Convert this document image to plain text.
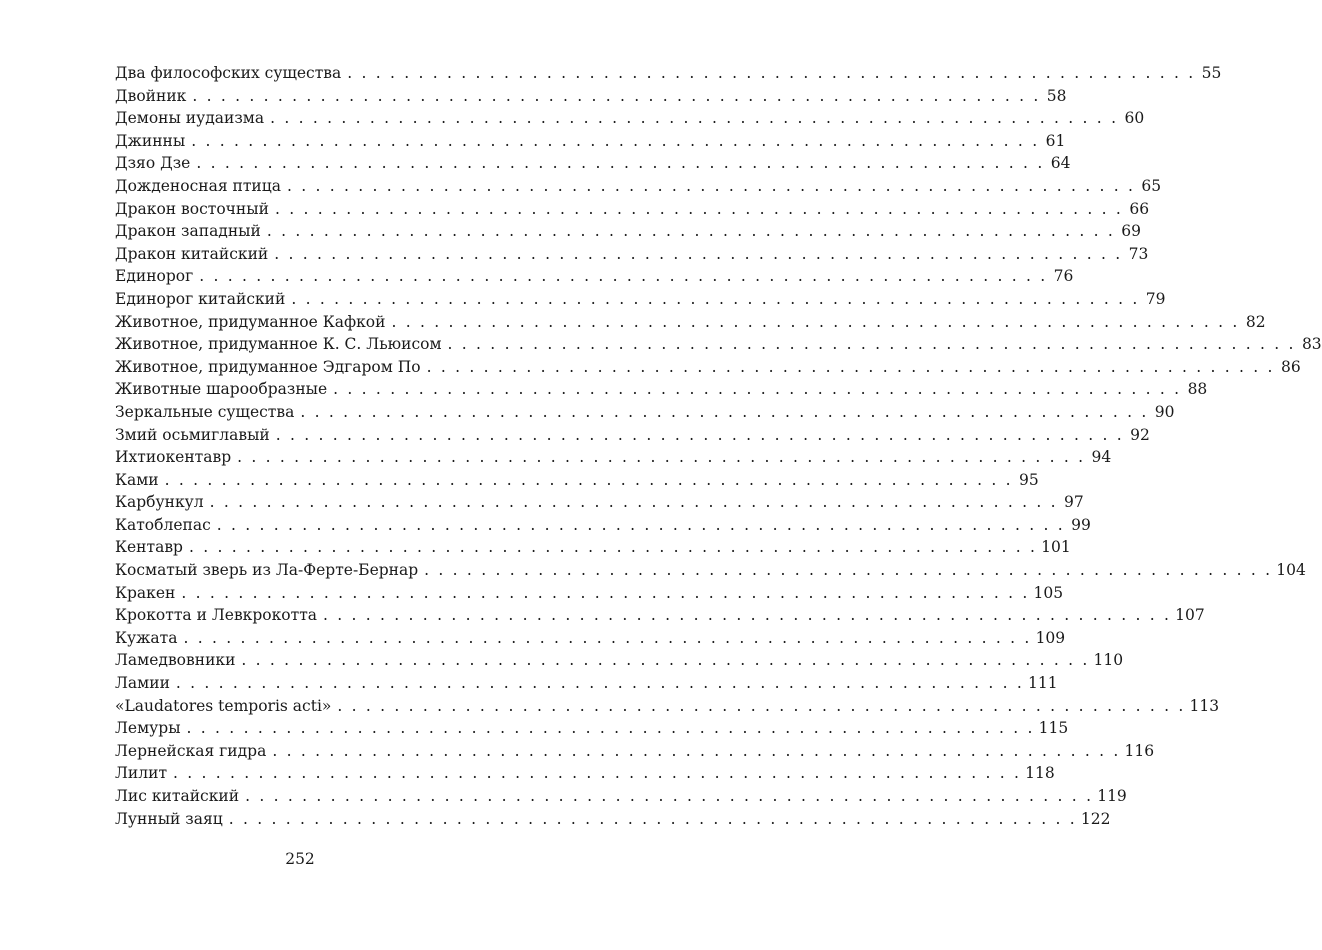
Два философских существа . . . . . . . . . . . . . . . . . . . . . . . . . . . . . . . . . . . . . . . . . . . . . . . . . . . . . . . . . . . . 55
Двойник . . . . . . . . . . . . . . . . . . . . . . . . . . . . . . . . . . . . . . . . . . . . . . . . . . . . . . . . . . . . 58
Демоны иудаизма . . . . . . . . . . . . . . . . . . . . . . . . . . . . . . . . . . . . . . . . . . . . . . . . . . . . . . . . . . . . 60
Джинны . . . . . . . . . . . . . . . . . . . . . . . . . . . . . . . . . . . . . . . . . . . . . . . . . . . . . . . . . . . . 61
Дзяо Дзе . . . . . . . . . . . . . . . . . . . . . . . . . . . . . . . . . . . . . . . . . . . . . . . . . . . . . . . . . . . . 64
Дожденосная птица . . . . . . . . . . . . . . . . . . . . . . . . . . . . . . . . . . . . . . . . . . . . . . . . . . . . . . . . . . . . 65
Дракон восточный . . . . . . . . . . . . . . . . . . . . . . . . . . . . . . . . . . . . . . . . . . . . . . . . . . . . . . . . . . . . 66
Дракон западный . . . . . . . . . . . . . . . . . . . . . . . . . . . . . . . . . . . . . . . . . . . . . . . . . . . . . . . . . . . . 69
Дракон китайский . . . . . . . . . . . . . . . . . . . . . . . . . . . . . . . . . . . . . . . . . . . . . . . . . . . . . . . . . . . . 73
Единорог . . . . . . . . . . . . . . . . . . . . . . . . . . . . . . . . . . . . . . . . . . . . . . . . . . . . . . . . . . . . 76
Единорог китайский . . . . . . . . . . . . . . . . . . . . . . . . . . . . . . . . . . . . . . . . . . . . . . . . . . . . . . . . . . . . 79
Животное, придуманное Кафкой . . . . . . . . . . . . . . . . . . . . . . . . . . . . . . . . . . . . . . . . . . . . . . . . . . . . . . . . . . . . 82
Животное, придуманное К. С. Льюисом . . . . . . . . . . . . . . . . . . . . . . . . . . . . . . . . . . . . . . . . . . . . . . . . . . . . . . . . . . . . 83
Животное, придуманное Эдгаром По . . . . . . . . . . . . . . . . . . . . . . . . . . . . . . . . . . . . . . . . . . . . . . . . . . . . . . . . . . . . 86
Животные шарообразные . . . . . . . . . . . . . . . . . . . . . . . . . . . . . . . . . . . . . . . . . . . . . . . . . . . . . . . . . . . . 88
Зеркальные существа . . . . . . . . . . . . . . . . . . . . . . . . . . . . . . . . . . . . . . . . . . . . . . . . . . . . . . . . . . . . 90
Змий осьмиглавый . . . . . . . . . . . . . . . . . . . . . . . . . . . . . . . . . . . . . . . . . . . . . . . . . . . . . . . . . . . . 92
Ихтиокентавр . . . . . . . . . . . . . . . . . . . . . . . . . . . . . . . . . . . . . . . . . . . . . . . . . . . . . . . . . . . . 94
Ками . . . . . . . . . . . . . . . . . . . . . . . . . . . . . . . . . . . . . . . . . . . . . . . . . . . . . . . . . . . . 95
Карбункул . . . . . . . . . . . . . . . . . . . . . . . . . . . . . . . . . . . . . . . . . . . . . . . . . . . . . . . . . . . . 97
Катоблепас . . . . . . . . . . . . . . . . . . . . . . . . . . . . . . . . . . . . . . . . . . . . . . . . . . . . . . . . . . . . 99
Кентавр . . . . . . . . . . . . . . . . . . . . . . . . . . . . . . . . . . . . . . . . . . . . . . . . . . . . . . . . . . . . 101
Косматый зверь из Ла-Ферте-Бернар . . . . . . . . . . . . . . . . . . . . . . . . . . . . . . . . . . . . . . . . . . . . . . . . . . . . . . . . . . . . 104
Кракен . . . . . . . . . . . . . . . . . . . . . . . . . . . . . . . . . . . . . . . . . . . . . . . . . . . . . . . . . . . . 105
Крокотта и Левкрокотта . . . . . . . . . . . . . . . . . . . . . . . . . . . . . . . . . . . . . . . . . . . . . . . . . . . . . . . . . . . . 107
Кужата . . . . . . . . . . . . . . . . . . . . . . . . . . . . . . . . . . . . . . . . . . . . . . . . . . . . . . . . . . . . 109
Ламедвовники . . . . . . . . . . . . . . . . . . . . . . . . . . . . . . . . . . . . . . . . . . . . . . . . . . . . . . . . . . . . 110
Ламии . . . . . . . . . . . . . . . . . . . . . . . . . . . . . . . . . . . . . . . . . . . . . . . . . . . . . . . . . . . . 111
«Laudatores temporis acti» . . . . . . . . . . . . . . . . . . . . . . . . . . . . . . . . . . . . . . . . . . . . . . . . . . . . . . . . . . . . 113
Лемуры . . . . . . . . . . . . . . . . . . . . . . . . . . . . . . . . . . . . . . . . . . . . . . . . . . . . . . . . . . . . 115
Лернейская гидра . . . . . . . . . . . . . . . . . . . . . . . . . . . . . . . . . . . . . . . . . . . . . . . . . . . . . . . . . . . . 116
Лилит . . . . . . . . . . . . . . . . . . . . . . . . . . . . . . . . . . . . . . . . . . . . . . . . . . . . . . . . . . . . 118
Лис китайский . . . . . . . . . . . . . . . . . . . . . . . . . . . . . . . . . . . . . . . . . . . . . . . . . . . . . . . . . . . . 119
Лунный заяц . . . . . . . . . . . . . . . . . . . . . . . . . . . . . . . . . . . . . . . . . . . . . . . . . . . . . . . . . . . . 122
252
